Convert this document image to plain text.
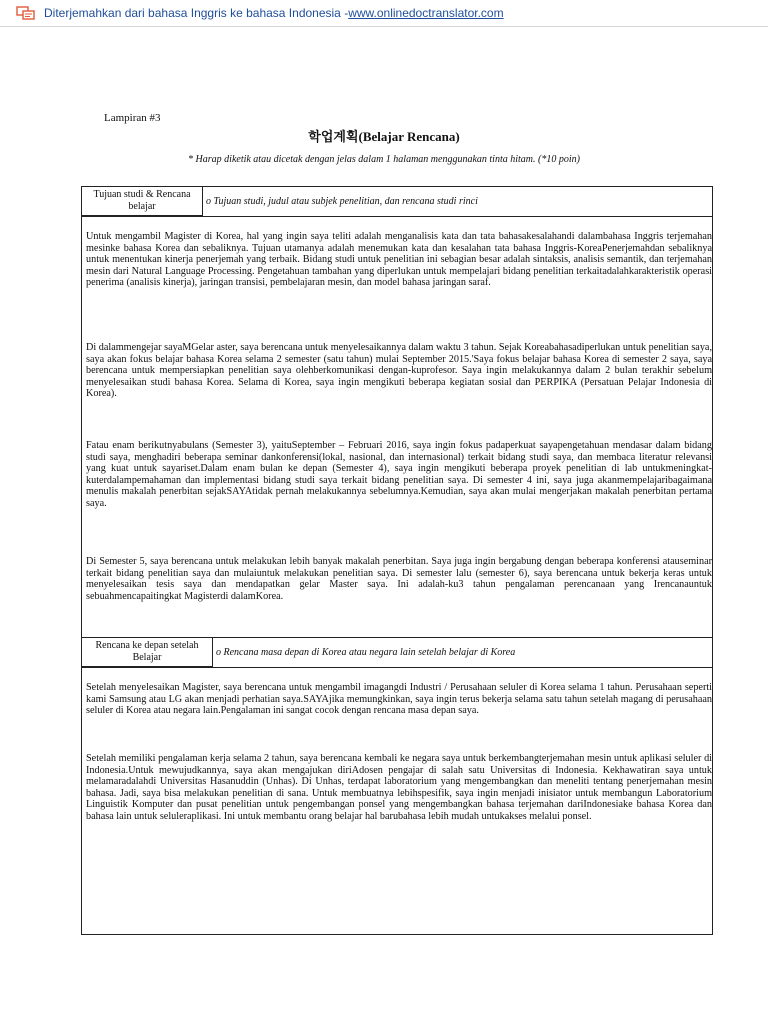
Diterjemahkan dari bahasa Inggris ke bahasa Indonesia - www.onlinedoctranslator.com
Lampiran #3
학업계획(Belajar Rencana)
* Harap diketik atau dicetak dengan jelas dalam 1 halaman menggunakan tinta hitam. (*10 poin)
Tujuan studi & Rencana belajar	o Tujuan studi, judul atau subjek penelitian, dan rencana studi rinci
Untuk mengambil Magister di Korea, hal yang ingin saya teliti adalah menganalisis kata dan tata bahasakesalahandi dalambahasa Inggris terjemahan mesinke bahasa Korea dan sebaliknya. Tujuan utamanya adalah menemukan kata dan kesalahan tata bahasa Inggris-KoreaPenerjemahdan sebaliknya untuk menentukan kinerja penerjemah yang terbaik. Bidang studi untuk penelitian ini sebagian besar adalah sintaksis, analisis semantik, dan terjemahan mesin dari Natural Language Processing. Pengetahuan tambahan yang diperlukan untuk mempelajari bidang penelitian terkaitadalahkarakteristik operasi penerima (analisis kinerja), jaringan transisi, pembelajaran mesin, dan model bahasa jaringan saraf.
Di dalammengejar sayaMGelar aster, saya berencana untuk menyelesaikannya dalam waktu 3 tahun. Sejak Koreabahasadiperlukan untuk penelitian saya, saya akan fokus belajar bahasa Korea selama 2 semester (satu tahun) mulai September 2015.'Saya fokus belajar bahasa Korea di semester 2 saya, saya berencana untuk mempersiapkan penelitian saya olehberkomunikasi dengan-kuprofesor. Saya ingin melakukannya dalam 2 bulan terakhir sebelum menyelesaikan studi bahasa Korea. Selama di Korea, saya ingin mengikuti beberapa kegiatan sosial dan PERPIKA (Persatuan Pelajar Indonesia di Korea).
Fatau enam berikutnyabulans (Semester 3), yaituSeptember – Februari 2016, saya ingin fokus padaperkuat sayapengetahuan mendasar dalam bidang studi saya, menghadiri beberapa seminar dankonferensi(lokal, nasional, dan internasional) terkait bidang studi saya, dan membaca literatur relevansi yang kuat untuk sayariset.Dalam enam bulan ke depan (Semester 4), saya ingin mengikuti beberapa proyek penelitian di lab untukmeningkat-kuterdalampemahaman dan implementasi bidang studi saya terkait bidang penelitian saya. Di semester 4 ini, saya juga akanmempelajaribagaimana menulis makalah penerbitan sejakSAYAtidak pernah melakukannya sebelumnya.Kemudian, saya akan mulai mengerjakan makalah penerbitan pertama saya.
Di Semester 5, saya berencana untuk melakukan lebih banyak makalah penerbitan. Saya juga ingin bergabung dengan beberapa konferensi atauseminar terkait bidang penelitian saya dan mulaiuntuk melakukan penelitian saya. Di semester lalu (semester 6), saya berencana untuk bekerja keras untuk menyelesaikan tesis saya dan mendapatkan gelar Master saya. Ini adalah-ku3 tahun pengalaman perencanaan yang Irencanauntuk sebuahmencapaitingkat Magisterdi dalamKorea.
Rencana ke depan setelah Belajar	o Rencana masa depan di Korea atau negara lain setelah belajar di Korea
Setelah menyelesaikan Magister, saya berencana untuk mengambil imagangdi Industri / Perusahaan seluler di Korea selama 1 tahun. Perusahaan seperti kami Samsung atau LG akan menjadi perhatian saya.SAYAjika memungkinkan, saya ingin terus bekerja selama satu tahun setelah magang di perusahaan seluler di Korea atau negara lain.Pengalaman ini sangat cocok dengan rencana masa depan saya.
Setelah memiliki pengalaman kerja selama 2 tahun, saya berencana kembali ke negara saya untuk berkembangterjemahan mesin untuk aplikasi seluler di Indonesia.Untuk mewujudkannya, saya akan mengajukan diriAdosen pengajar di salah satu Universitas di Indonesia. Kekhawatiran saya untuk melamaradalahdi Universitas Hasanuddin (Unhas). Di Unhas, terdapat laboratorium yang mengembangkan dan meneliti tentang penerjemahan mesin bahasa. Jadi, saya bisa melakukan penelitian di sana. Untuk membuatnya lebihspesifik, saya ingin menjadi inisiator untuk membangun Laboratorium Linguistik Komputer dan pusat penelitian untuk pengembangan ponsel yang mengembangkan bahasa terjemahan dariIndonesiake bahasa Korea dan bahasa lain untuk seluleraplikasi. Ini untuk membantu orang belajar hal barubahasa lebih mudah untukakses melalui ponsel.
